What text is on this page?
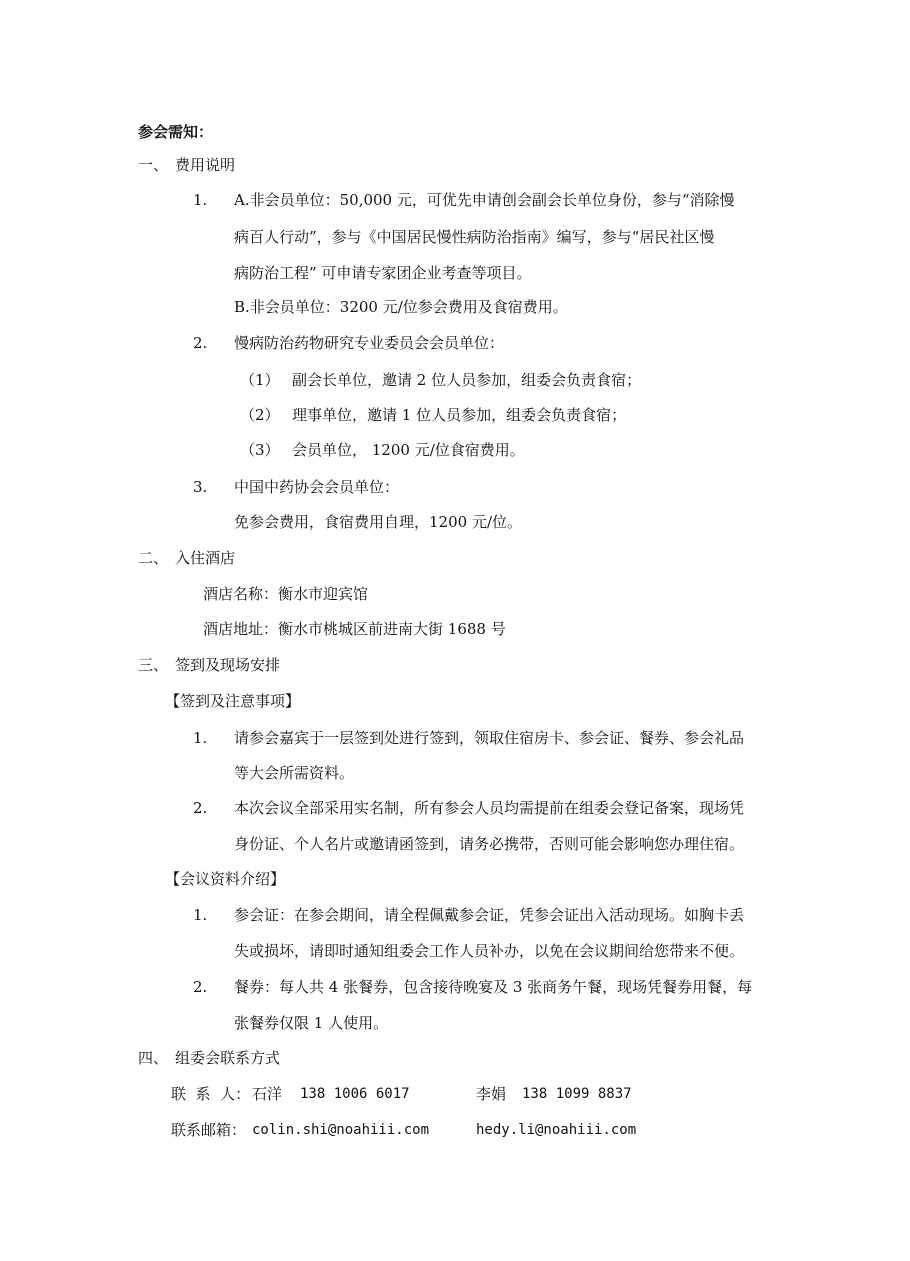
参会需知：
一、 费用说明
1. A.非会员单位：50,000 元，可优先申请创会副会长单位身份，参与“消除慢
病百人行动”，参与《中国居民慢性病防治指南》编写，参与“居民社区慢
病防治工程” 可申请专家团企业考查等项目。
B.非会员单位：3200 元/位参会费用及食宿费用。
2. 慢病防治药物研究专业委员会会员单位：
（1） 副会长单位，邀请 2 位人员参加，组委会负责食宿；
（2） 理事单位，邀请 1 位人员参加，组委会负责食宿；
（3） 会员单位， 1200 元/位食宿费用。
3. 中国中药协会会员单位：
免参会费用，食宿费用自理，1200 元/位。
二、 入住酒店
酒店名称：衡水市迎宾馆
酒店地址：衡水市桃城区前进南大街 1688 号
三、 签到及现场安排
【签到及注意事项】
1. 请参会嘉宾于一层签到处进行签到，领取住宿房卡、参会证、餐券、参会礼品
等大会所需资料。
2. 本次会议全部采用实名制，所有参会人员均需提前在组委会登记备案，现场凭
身份证、个人名片或邀请函签到，请务必携带，否则可能会影响您办理住宿。
【会议资料介绍】
1. 参会证：在参会期间，请全程佩戴参会证，凭参会证出入活动现场。如胸卡丢
失或损坏，请即时通知组委会工作人员补办，以免在会议期间给您带来不便。
2. 餐券：每人共 4 张餐券，包含接待晚宴及 3 张商务午餐，现场凭餐券用餐，每
张餐券仅限 1 人使用。
四、 组委会联系方式
联  系  人： 石洋 138 1006 6017	李娟 138 1099 8837
联系邮箱： colin.shi@noahiii.com	hedy.li@noahiii.com
